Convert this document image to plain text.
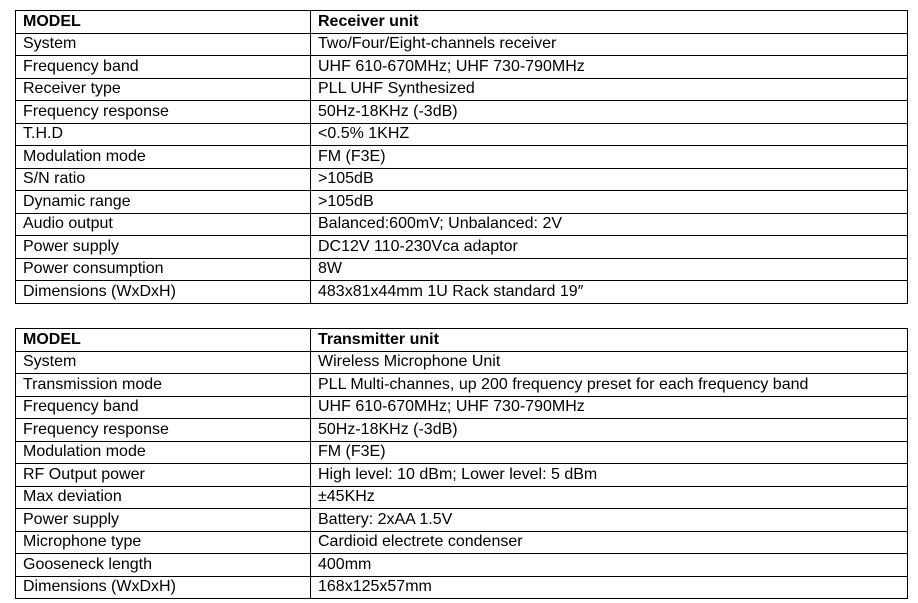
MODEL	Receiver unit
System	Two/Four/Eight-channels receiver
Frequency band	UHF 610-670MHz; UHF 730-790MHz
Receiver type	PLL UHF Synthesized
Frequency response	50Hz-18KHz (-3dB)
T.H.D	<0.5% 1KHZ
Modulation mode	FM (F3E)
S/N ratio	>105dB
Dynamic range	>105dB
Audio output	Balanced:600mV; Unbalanced: 2V
Power supply	DC12V 110-230Vca adaptor
Power consumption	8W
Dimensions (WxDxH)	483x81x44mm 1U Rack standard 19″
MODEL	Transmitter unit
System	Wireless Microphone Unit
Transmission mode	PLL Multi-channes, up 200 frequency preset for each frequency band
Frequency band	UHF 610-670MHz; UHF 730-790MHz
Frequency response	50Hz-18KHz (-3dB)
Modulation mode	FM (F3E)
RF Output power	High level: 10 dBm; Lower level: 5 dBm
Max deviation	±45KHz
Power supply	Battery: 2xAA 1.5V
Microphone type	Cardioid electrete condenser
Gooseneck length	400mm
Dimensions (WxDxH)	168x125x57mm
